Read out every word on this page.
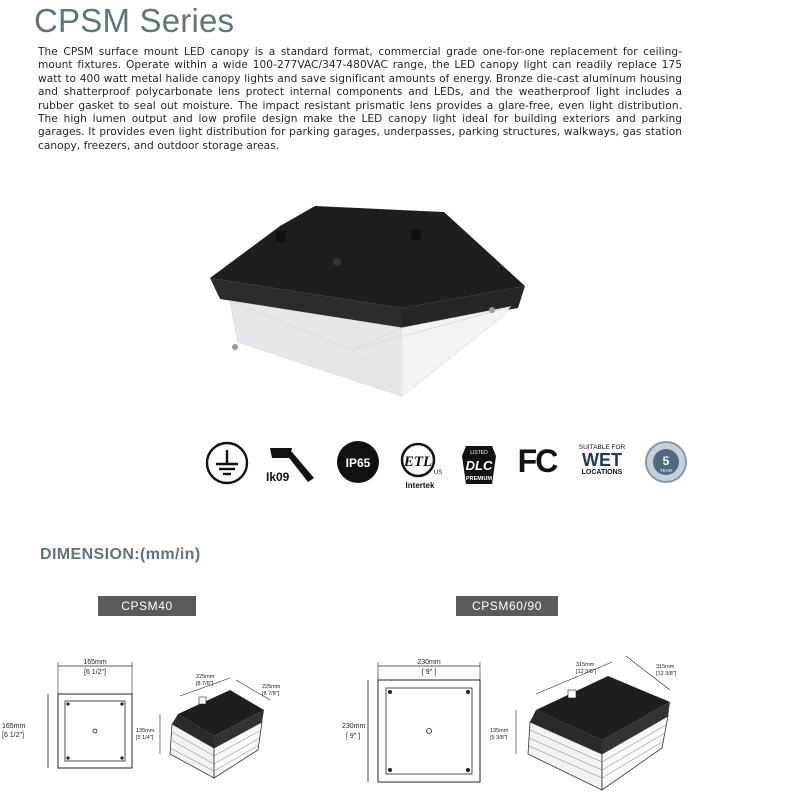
CPSM Series
The CPSM surface mount LED canopy is a standard format, commercial grade one-for-one replacement for ceiling-mount fixtures. Operate within a wide 100-277VAC/347-480VAC range, the LED canopy light can readily replace 175 watt to 400 watt metal halide canopy lights and save significant amounts of energy. Bronze die-cast aluminum housing and shatterproof polycarbonate lens protect internal components and LEDs, and the weatherproof light includes a rubber gasket to seal out moisture. The impact resistant prismatic lens provides a glare-free, even light distribution. The high lumen output and low profile design make the LED canopy light ideal for building exteriors and parking garages. It provides even light distribution for parking garages, underpasses, parking structures, walkways, gas station canopy, freezers, and outdoor storage areas.
Ik09
IP65 ETL
US
Intertek
LISTED
DLC
PREMIUM FC	SUITABLE FOR
WET
LOCATIONS
5
YEAR
DIMENSION:(mm/in)
CPSM40	CPSM60/90
165mm
[6 1/2"]
165mm
[6 1/2"]
225mm
[8 7/8"]	225mm
[8 7/8"]
135mm
[5 1/4"]
230mm
[ 9" ]
230mm
[ 9" ]
315mm
[12 3/8"]
315mm
[12 3/8"]
135mm
[5 3/8"]
